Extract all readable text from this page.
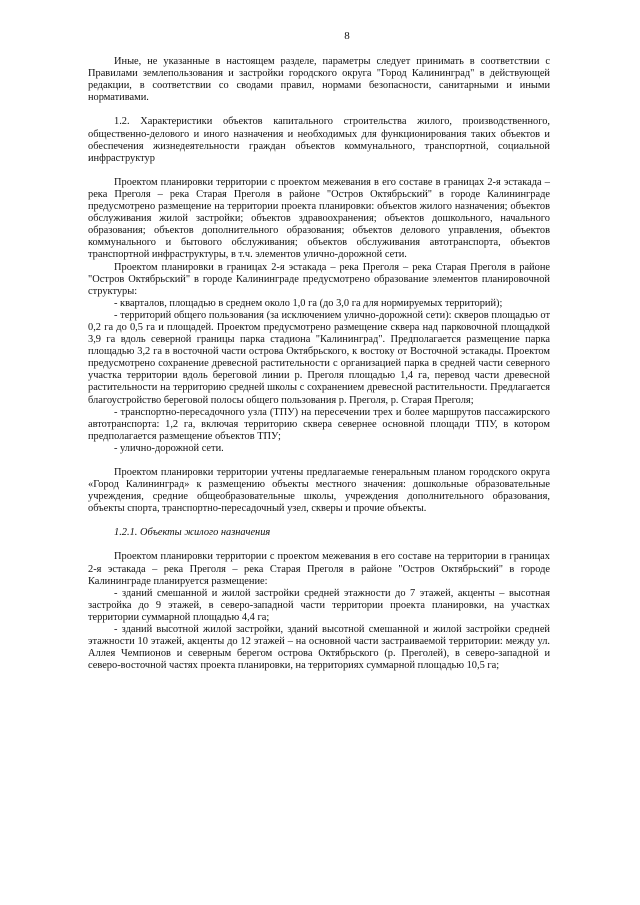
8

Иные, не указанные в настоящем разделе, параметры следует принимать в соответствии с Правилами землепользования и застройки городского округа "Город Калининград" в действующей редакции, в соответствии со сводами правил, нормами безопасности, санитарными и иными нормативами.

1.2. Характеристики объектов капитального строительства жилого, производственного, общественно-делового и иного назначения и необходимых для функционирования таких объектов и обеспечения жизнедеятельности граждан объектов коммунального, транспортной, социальной инфраструктур

Проектом планировки территории с проектом межевания в его составе в границах 2-я эстакада – река Преголя – река Старая Преголя в районе "Остров Октябрьский" в городе Калининграде предусмотрено размещение на территории проекта планировки: объектов жилого назначения; объектов обслуживания жилой застройки; объектов здравоохранения; объектов дошкольного, начального образования; объектов дополнительного образования; объектов делового управления, объектов коммунального и бытового обслуживания; объектов обслуживания автотранспорта, объектов транспортной инфраструктуры, в т.ч. элементов улично-дорожной сети.

Проектом планировки в границах 2-я эстакада – река Преголя – река Старая Преголя в районе "Остров Октябрьский" в городе Калининграде предусмотрено образование элементов планировочной структуры:

- кварталов, площадью в среднем около 1,0 га (до 3,0 га для нормируемых территорий);

- территорий общего пользования (за исключением улично-дорожной сети): скверов площадью от 0,2 га до 0,5 га и площадей. Проектом предусмотрено размещение сквера над парковочной площадкой 3,9 га вдоль северной границы парка стадиона "Калининград". Предполагается размещение парка площадью 3,2 га в восточной части острова Октябрьского, к востоку от Восточной эстакады. Проектом предусмотрено сохранение древесной растительности с организацией парка в средней части северного участка территории вдоль береговой линии р. Преголя площадью 1,4 га, перевод части древесной растительности на территорию средней школы с сохранением древесной растительности. Предлагается благоустройство береговой полосы общего пользования р. Преголя, р. Старая Преголя;

- транспортно-пересадочного узла (ТПУ) на пересечении трех и более маршрутов пассажирского автотранспорта: 1,2 га, включая территорию сквера севернее основной площади ТПУ, в котором предполагается размещение объектов ТПУ;

- улично-дорожной сети.

Проектом планировки территории учтены предлагаемые генеральным планом городского округа «Город Калининград» к размещению объекты местного значения: дошкольные образовательные учреждения, средние общеобразовательные школы, учреждения дополнительного образования, объекты спорта, транспортно-пересадочный узел, скверы и прочие объекты.

1.2.1. Объекты жилого назначения

Проектом планировки территории с проектом межевания в его составе на территории в границах 2-я эстакада – река Преголя – река Старая Преголя в районе "Остров Октябрьский" в городе Калининграде планируется размещение:

- зданий смешанной и жилой застройки средней этажности до 7 этажей, акценты – высотная застройка до 9 этажей, в северо-западной части территории проекта планировки, на участках территории суммарной площадью 4,4 га;

- зданий высотной жилой застройки, зданий высотной смешанной и жилой застройки средней этажности 10 этажей, акценты до 12 этажей – на основной части застраиваемой территории: между ул. Аллея Чемпионов и северным берегом острова Октябрьского (р. Преголей), в северо-западной и северо-восточной частях проекта планировки, на территориях суммарной площадью 10,5 га;
